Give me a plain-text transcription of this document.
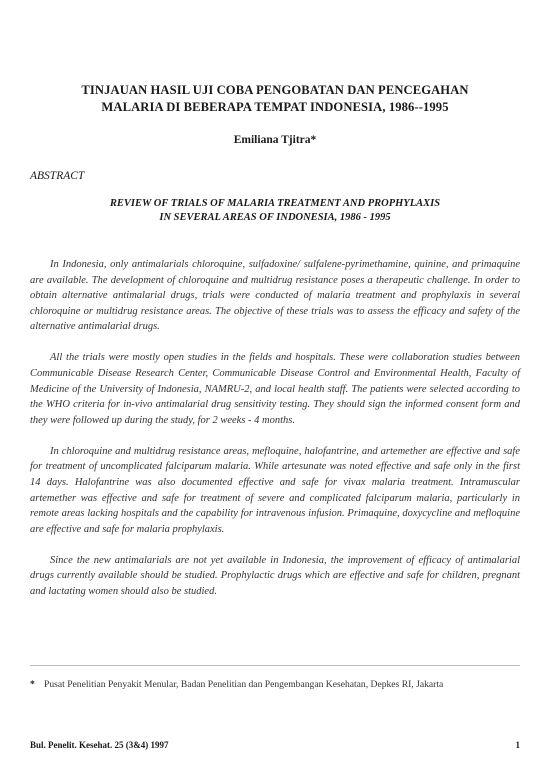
TINJAUAN HASIL UJI COBA PENGOBATAN DAN PENCEGAHAN
MALARIA DI BEBERAPA TEMPAT INDONESIA, 1986--1995
Emiliana Tjitra*
ABSTRACT
REVIEW OF TRIALS OF MALARIA TREATMENT AND PROPHYLAXIS
IN SEVERAL AREAS OF INDONESIA, 1986 - 1995

In Indonesia, only antimalarials chloroquine, sulfadoxine/ sulfalene-pyrimethamine, quinine, and primaquine are available. The development of chloroquine and multidrug resistance poses a therapeutic challenge. In order to obtain alternative antimalarial drugs, trials were conducted of malaria treatment and prophylaxis in several chloroquine or multidrug resistance areas. The objective of these trials was to assess the efficacy and safety of the alternative antimalarial drugs.

All the trials were mostly open studies in the fields and hospitals. These were collaboration studies between Communicable Disease Research Center, Communicable Disease Control and Environmental Health, Faculty of Medicine of the University of Indonesia, NAMRU-2, and local health staff. The patients were selected according to the WHO criteria for in-vivo antimalarial drug sensitivity testing. They should sign the informed consent form and they were followed up during the study, for 2 weeks - 4 months.

In chloroquine and multidrug resistance areas, mefloquine, halofantrine, and artemether are effective and safe for treatment of uncomplicated falciparum malaria. While artesunate was noted effective and safe only in the first 14 days. Halofantrine was also documented effective and safe for vivax malaria treatment. Intramuscular artemether was effective and safe for treatment of severe and complicated falciparum malaria, particularly in remote areas lacking hospitals and the capability for intravenous infusion. Primaquine, doxycycline and mefloquine are effective and safe for malaria prophylaxis.

Since the new antimalarials are not yet available in Indonesia, the improvement of efficacy of antimalarial drugs currently available should be studied. Prophylactic drugs which are effective and safe for children, pregnant and lactating women should also be studied.

* Pusat Penelitian Penyakit Menular, Badan Penelitian dan Pengembangan Kesehatan, Depkes RI, Jakarta
Bul. Penelit. Kesehat. 25 (3&4) 1997	1
